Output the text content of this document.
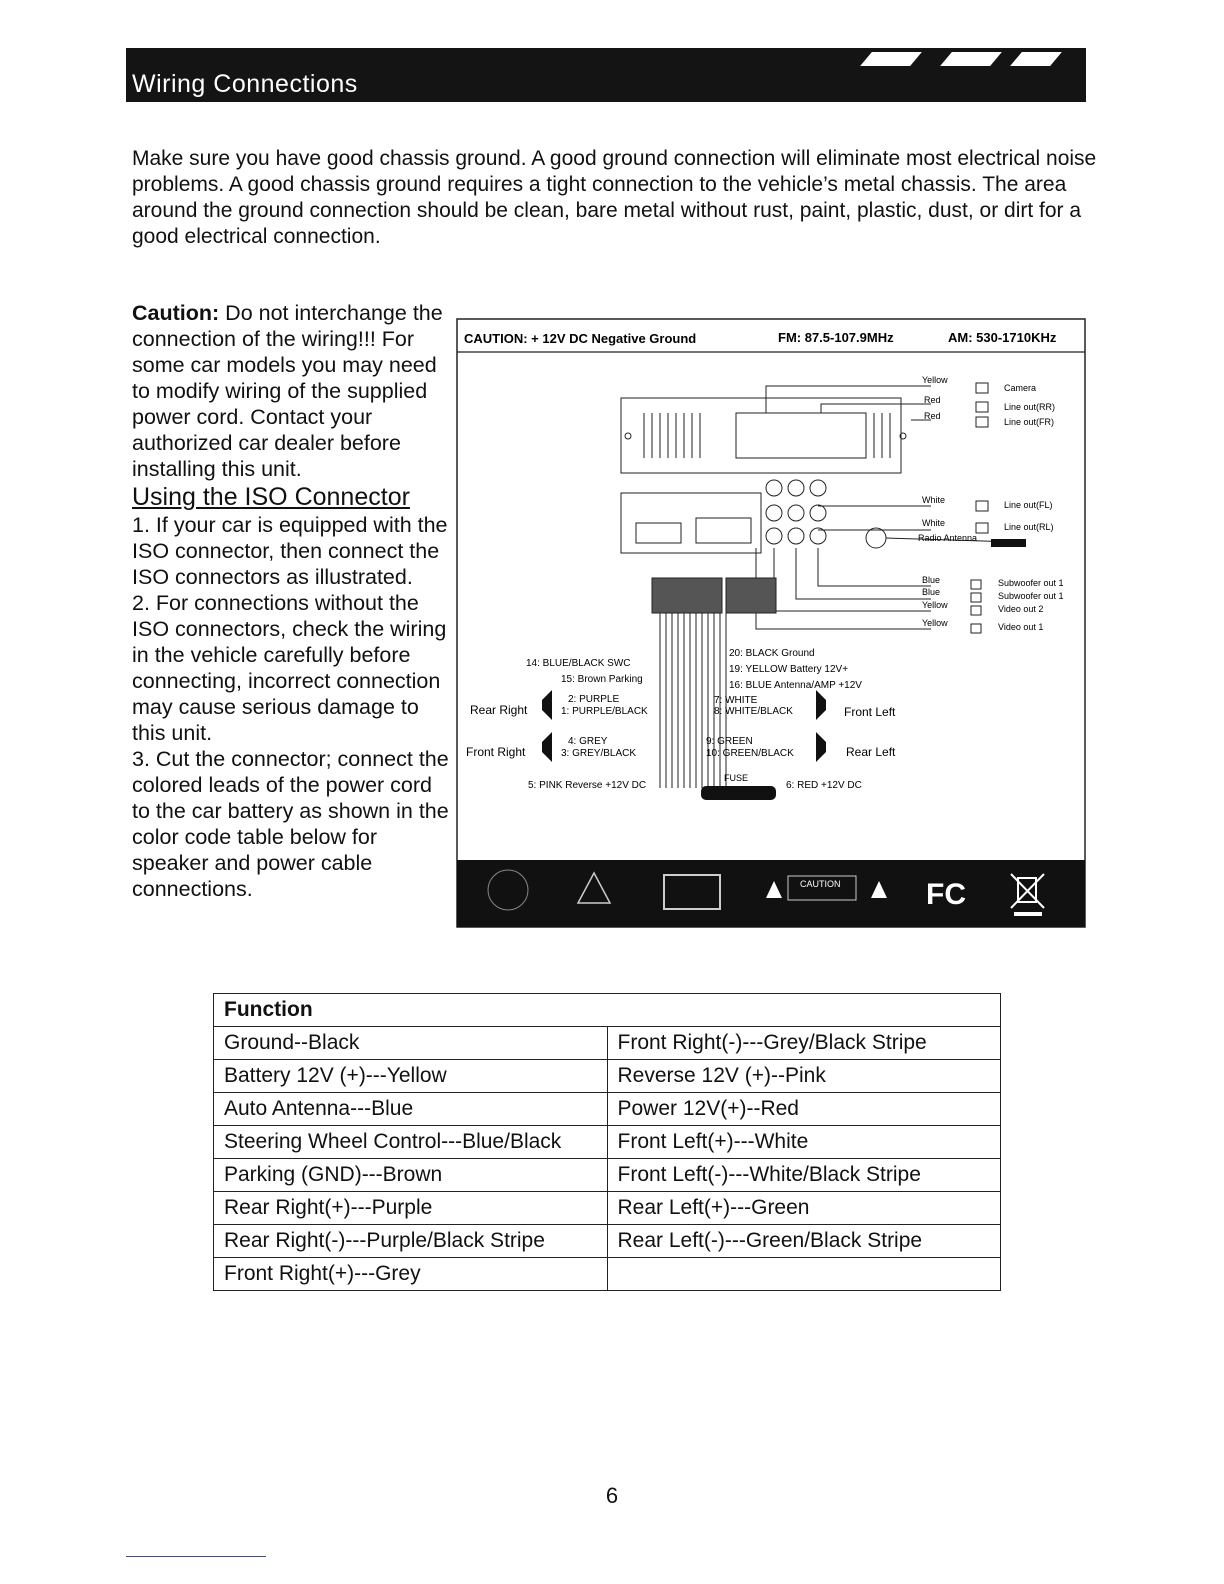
Wiring Connections

Make sure you have good chassis ground. A good ground connection will eliminate most electrical noise problems. A good chassis ground requires a tight connection to the vehicle’s metal chassis. The area around the ground connection should be clean, bare metal without rust, paint, plastic, dust, or dirt for a good electrical connection.

Caution: Do not interchange the connection of the wiring!!! For some car models you may need to modify wiring of the supplied power cord. Contact your authorized car dealer before installing this unit.

Using the ISO Connector

1. If your car is equipped with the ISO connector, then connect the ISO connectors as illustrated.

2. For connections without the ISO connectors, check the wiring in the vehicle carefully before connecting, incorrect connection may cause serious damage to this unit.

3. Cut the connector; connect the colored leads of the power cord to the car battery as shown in the color code table below for speaker and power cable connections.

CAUTION: + 12V DC Negative Ground	FM: 87.5-107.9MHz	AM: 530-1710KHz
Yellow
Camera
Red
Line out(RR)
Red
Line out(FR)
White	Line out(FL)
White	Line out(RL)
Radio Antenna
Blue	Subwoofer out 1
Blue	Subwoofer out 1
Yellow	Video out 2
Yellow	Video out 1
14: BLUE/BLACK SWC
15: Brown Parking
2: PURPLE
1: PURPLE/BLACK
4: GREY
3: GREY/BLACK
5: PINK Reverse +12V DC
20: BLACK Ground
19: YELLOW Battery 12V+
16: BLUE Antenna/AMP +12V
7: WHITE
8: WHITE/BLACK
9: GREEN
10: GREEN/BLACK
6: RED +12V DC
Rear Right
Front Right
Front Left
Rear Left
FUSE
CAUTION	FC
Function	
Ground--Black	Front Right(-)---Grey/Black Stripe
Battery 12V (+)---Yellow	Reverse 12V (+)--Pink
Auto Antenna---Blue	Power 12V(+)--Red
Steering Wheel Control---Blue/Black	Front Left(+)---White
Parking (GND)---Brown	Front Left(-)---White/Black Stripe
Rear Right(+)---Purple	Rear Left(+)---Green
Rear Right(-)---Purple/Black Stripe	Rear Left(-)---Green/Black Stripe
Front Right(+)---Grey	
6
